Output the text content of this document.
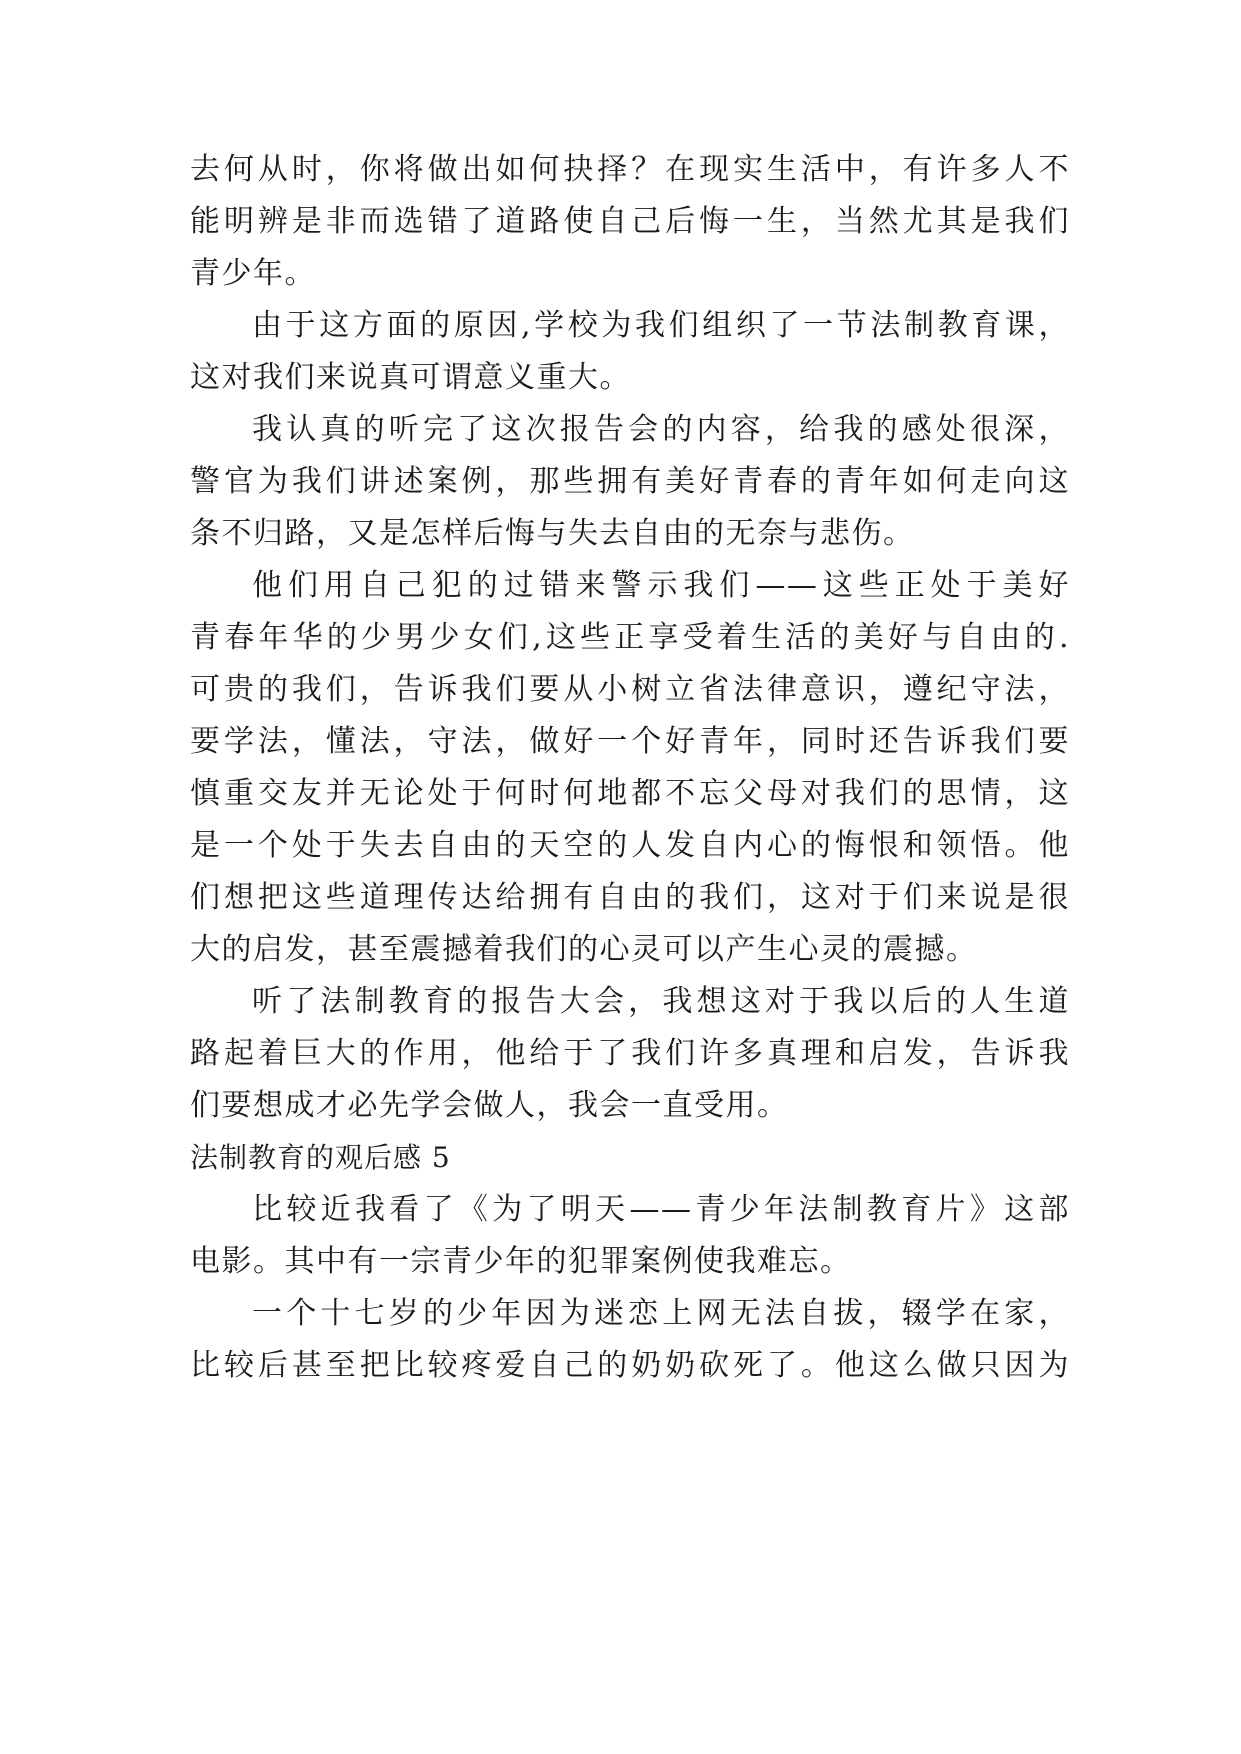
去何从时，你将做出如何抉择？在现实生活中，有许多人不
能明辨是非而选错了道路使自己后悔一生，当然尤其是我们
青少年。
由于这方面的原因,学校为我们组织了一节法制教育课，
这对我们来说真可谓意义重大。
我认真的听完了这次报告会的内容，给我的感处很深，
警官为我们讲述案例，那些拥有美好青春的青年如何走向这
条不归路，又是怎样后悔与失去自由的无奈与悲伤。
他们用自己犯的过错来警示我们——这些正处于美好
青春年华的少男少女们,这些正享受着生活的美好与自由的.
可贵的我们，告诉我们要从小树立省法律意识，遵纪守法，
要学法，懂法，守法，做好一个好青年，同时还告诉我们要
慎重交友并无论处于何时何地都不忘父母对我们的思情，这
是一个处于失去自由的天空的人发自内心的悔恨和领悟。他
们想把这些道理传达给拥有自由的我们，这对于们来说是很
大的启发，甚至震撼着我们的心灵可以产生心灵的震撼。
听了法制教育的报告大会，我想这对于我以后的人生道
路起着巨大的作用，他给于了我们许多真理和启发，告诉我
们要想成才必先学会做人，我会一直受用。
法制教育的观后感 5
比较近我看了《为了明天——青少年法制教育片》这部
电影。其中有一宗青少年的犯罪案例使我难忘。
一个十七岁的少年因为迷恋上网无法自拔，辍学在家，
比较后甚至把比较疼爱自己的奶奶砍死了。他这么做只因为
